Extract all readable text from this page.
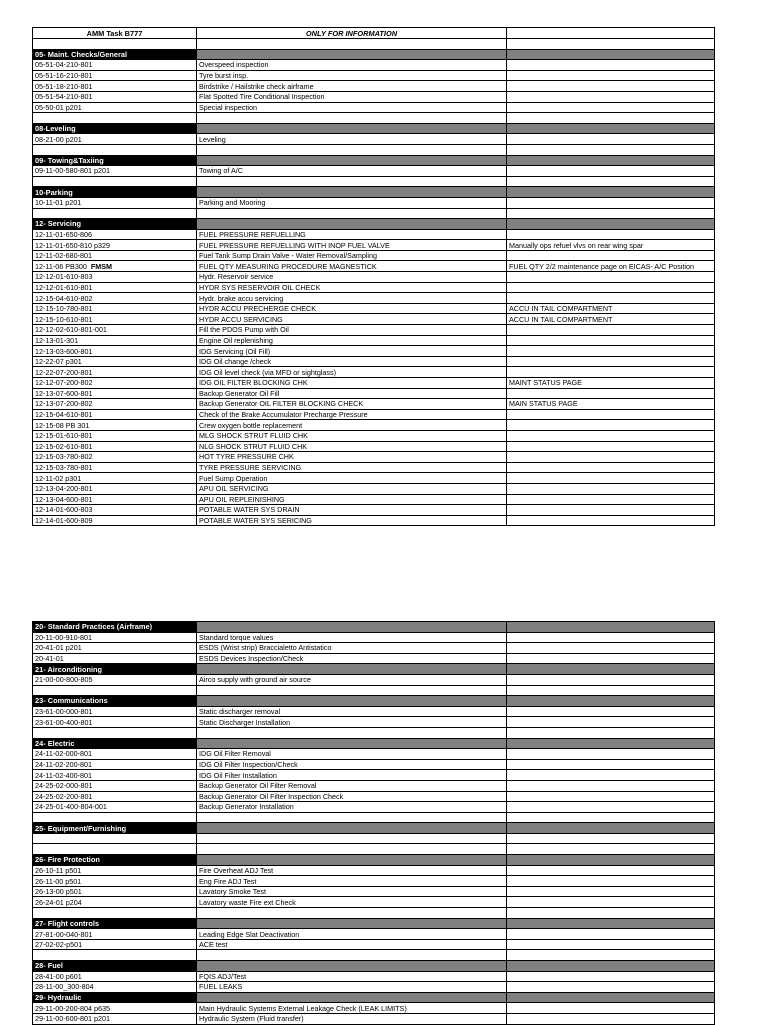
AMM Task B777	ONLY FOR INFORMATION	

05- Maint. Checks/General		
05-51-04-210-801	Overspeed inspection	
05-51-16-210-801	Tyre burst insp.	
05-51-18-210-801	Birdstrike / Hailstrike check airframe	
05-51-54-210-801	Flat Spotted Tire Conditional Inspection	
05-50-01 p201	Special inspection	

08-Leveling		
08-21-00 p201	Leveling	

09- Towing&Taxiing		
09-11-00-580-801 p201	Towing of A/C	

10-Parking		
10-11-01 p201	Parking and Mooring	

12- Servicing		
12-11-01-650-806	FUEL PRESSURE REFUELLING	
12-11-01-650-810 p329	FUEL PRESSURE REFUELLING WITH INOP FUEL VALVE	Manually ops refuel vlvs on rear wing spar
12-11-02-680-801	Fuel Tank Sump Drain Valve - Water Removal/Sampling	
12-11-06 PB300 FMSM	FUEL QTY MEASURING PROCEDURE MAGNESTICK	FUEL QTY 2/2 maintenance page on EICAS- A/C Position
12-12-01-610-803	Hydr. Reservoir service	
12-12-01-610-801	HYDR SYS RESERVOIR OIL CHECK	
12-15-04-610-802	Hydr. brake accu servicing	
12-15-10-780-801	HYDR ACCU PRECHERGE CHECK	ACCU IN TAIL COMPARTMENT
12-15-10-610-801	HYDR ACCU SERVICING	ACCU IN TAIL COMPARTMENT
12-12-02-610-801-001	Fill the PDOS Pump with Oil	
12-13-01-301	Engine Oil replenishing	
12-13-03-600-801	IDG Servicing (Oil Fill)	
12-22-07 p301	IDG Oil change /check	
12-22-07-200-801	IDG Oil level check (via MFD or sightglass)	
12-12-07-200-802	IDG OIL FILTER BLOCKING CHK	MAINT STATUS PAGE
12-13-07-600-801	Backup Generator Oil Fill	
12-13-07-200-802	Backup Generator OIL FILTER BLOCKING CHECK	MAIN STATUS PAGE
12-15-04-610-801	Check of the Brake Accumulator Precharge Pressure	
12-15-08 PB 301	Crew oxygen bottle replacement	
12-15-01-610-801	MLG SHOCK STRUT FLUID CHK	
12-15-02-610-801	NLG SHOCK STRUT FLUID CHK	
12-15-03-780-802	HOT TYRE PRESSURE CHK	
12-15-03-780-801	TYRE PRESSURE SERVICING	
12-11-02 p301	Fuel Sump Operation	
12-13-04-200-801	APU OIL SERVICING	
12-13-04-600-801	APU OIL REPLEINISHING	
12-14-01-600-803	POTABLE WATER SYS DRAIN	
12-14-01-600-809	POTABLE WATER SYS SERICING	
20- Standard Practices (Airframe)		
20-11-00-910-801	Standard torque values	
20-41-01 p201	ESDS (Wrist strip) Braccialetto Antistatico	
20-41-01	ESDS Devices Inspection/Check	
21- Airconditioning		
21-00-00-800-805	Airco supply with ground air source	

23- Communications		
23-61-00-000-801	Static discharger removal	
23-61-00-400-801	Static Discharger Installation	

24- Electric		
24-11-02-000-801	IDG Oil Filter Removal	
24-11-02-200-801	IDG Oil Filter Inspection/Check	
24-11-02-400-801	IDG Oil Filter Installation	
24-25-02-000-801	Backup Generator Oil Filter Removal	
24-25-02-200-801	Backup Generator Oil Filter Inspection Check	
24-25-01-400-804-001	Backup Generator Installation	

25- Equipment/Furnishing		

26- Fire Protection		
26-10-11 p501	Fire Overheat ADJ Test	
26-11-00 p501	Eng Fire ADJ Test	
26-13-00 p501	Lavatory Smoke Test	
26-24-01 p204	Lavatory waste Fire ext Check	

27- Flight controls		
27-81-00-040-801	Leading Edge Slat Deactivation	
27-02-02-p501	ACE test	

28- Fuel		
28-41-00 p601	FQIS ADJ/Test	
28-11-00_300-804	FUEL LEAKS	
29- Hydraulic		
29-11-00-200-804 p635	Main Hydraulic Systems External Leakage Check (LEAK LIMITS)	
29-11-00-600-801 p201	Hydraulic System (Fluid transfer)	
